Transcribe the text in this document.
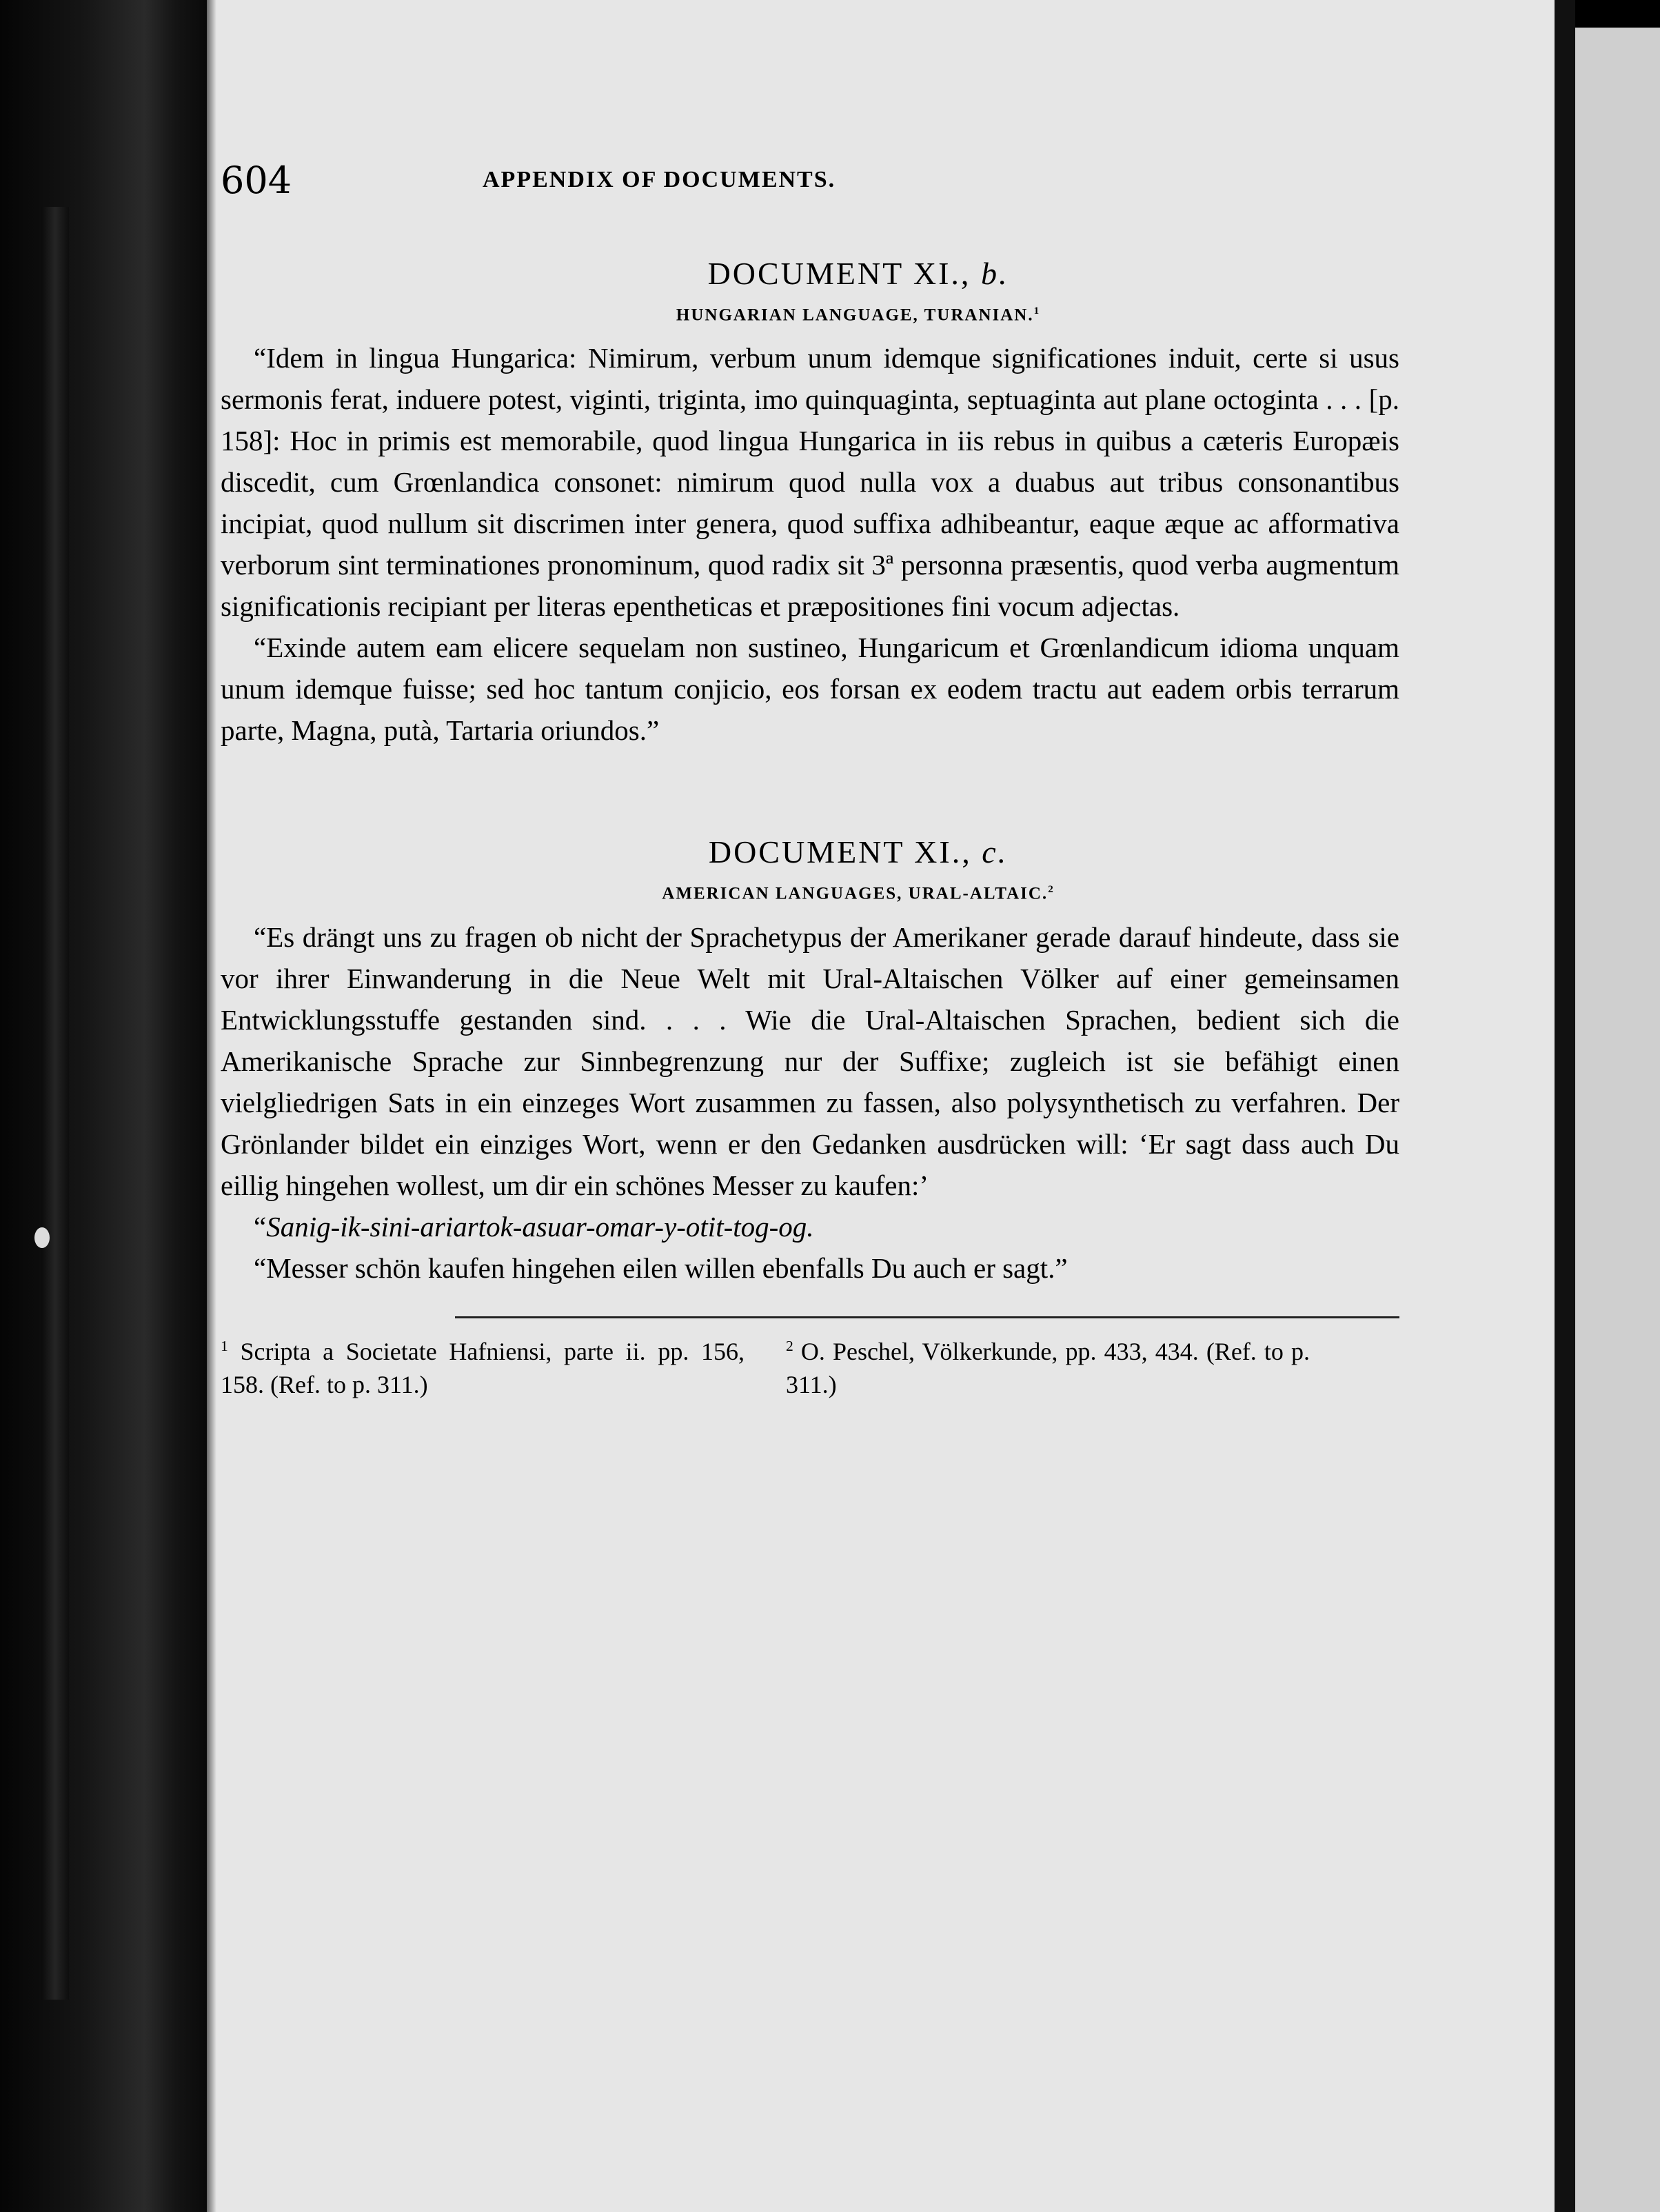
604	APPENDIX OF DOCUMENTS.
DOCUMENT XI., b.
HUNGARIAN LANGUAGE, TURANIAN.$^1$

“Idem in lingua Hungarica: Nimirum, verbum unum idemque significationes induit, certe si usus sermonis ferat, induere potest, viginti, triginta, imo quinquaginta, septuaginta aut plane octoginta . . . [p. 158]: Hoc in primis est memorabile, quod lingua Hungarica in iis rebus in quibus a cæteris Europæis discedit, cum Grœnlandica consonet: nimirum quod nulla vox a duabus aut tribus consonantibus incipiat, quod nullum sit discrimen inter genera, quod suffixa adhibeantur, eaque æque ac afformativa verborum sint terminationes pronominum, quod radix sit 3ª personna præsentis, quod verba augmentum significationis recipiant per literas epentheticas et præpositiones fini vocum adjectas.

“Exinde autem eam elicere sequelam non sustineo, Hungaricum et Grœnlandicum idioma unquam unum idemque fuisse; sed hoc tantum conjicio, eos forsan ex eodem tractu aut eadem orbis terrarum parte, Magna, putà, Tartaria oriundos.”

DOCUMENT XI., c.
AMERICAN LANGUAGES, URAL-ALTAIC.$^2$

“Es drängt uns zu fragen ob nicht der Sprachetypus der Amerikaner gerade darauf hindeute, dass sie vor ihrer Einwanderung in die Neue Welt mit Ural-Altaischen Völker auf einer gemeinsamen Entwicklungsstuffe gestanden sind. . . . Wie die Ural-Altaischen Sprachen, bedient sich die Amerikanische Sprache zur Sinnbegrenzung nur der Suffixe; zugleich ist sie befähigt einen vielgliedrigen Sats in ein einzeges Wort zusammen zu fassen, also polysynthetisch zu verfahren. Der Grönlander bildet ein einziges Wort, wenn er den Gedanken ausdrücken will: ‘Er sagt dass auch Du eillig hingehen wollest, um dir ein schönes Messer zu kaufen:’

“Sanig-ik-sini-ariartok-asuar-omar-y-otit-tog-og.

“Messer schön kaufen hingehen eilen willen ebenfalls Du auch er sagt.”

$^1$ Scripta a Societate Hafniensi, parte ii. pp. 156, 158. (Ref. to p. 311.)
$^2$ O. Peschel, Völkerkunde, pp. 433, 434. (Ref. to p. 311.)
